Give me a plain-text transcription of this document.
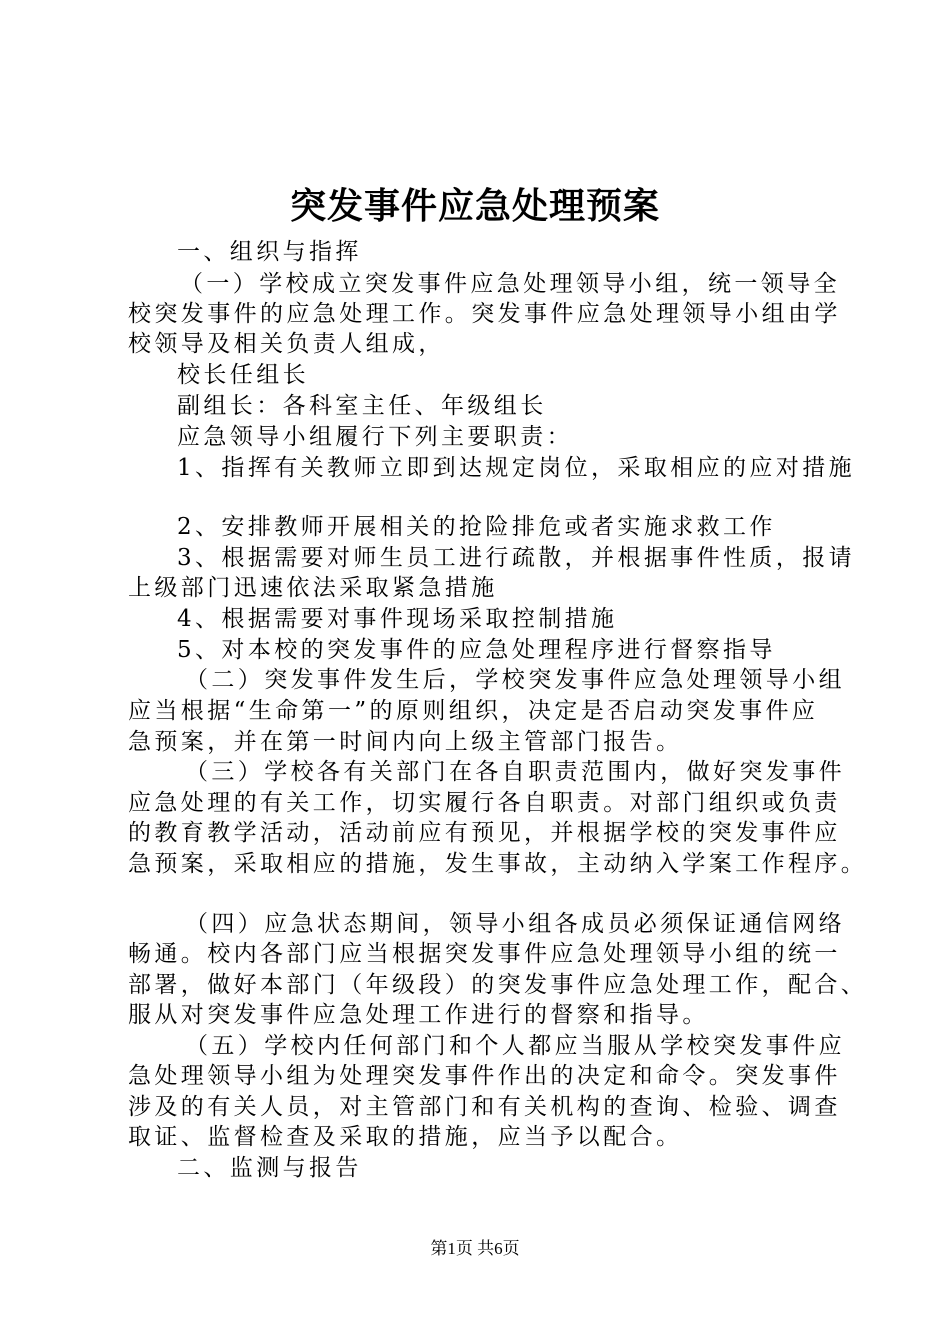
突发事件应急处理预案

一、组织与指挥

（一）学校成立突发事件应急处理领导小组，统一领导全

校突发事件的应急处理工作。突发事件应急处理领导小组由学

校领导及相关负责人组成，

校长任组长

副组长：各科室主任、年级组长

应急领导小组履行下列主要职责：

1、指挥有关教师立即到达规定岗位，采取相应的应对措施

2、安排教师开展相关的抢险排危或者实施求救工作

3、根据需要对师生员工进行疏散，并根据事件性质，报请

上级部门迅速依法采取紧急措施

4、根据需要对事件现场采取控制措施

5、对本校的突发事件的应急处理程序进行督察指导

（二）突发事件发生后，学校突发事件应急处理领导小组

应当根据“生命第一”的原则组织，决定是否启动突发事件应

急预案，并在第一时间内向上级主管部门报告。

（三）学校各有关部门在各自职责范围内，做好突发事件

应急处理的有关工作，切实履行各自职责。对部门组织或负责

的教育教学活动，活动前应有预见，并根据学校的突发事件应

急预案，采取相应的措施，发生事故，主动纳入学案工作程序。

（四）应急状态期间，领导小组各成员必须保证通信网络

畅通。校内各部门应当根据突发事件应急处理领导小组的统一

部署，做好本部门（年级段）的突发事件应急处理工作，配合、

服从对突发事件应急处理工作进行的督察和指导。

（五）学校内任何部门和个人都应当服从学校突发事件应

急处理领导小组为处理突发事件作出的决定和命令。突发事件

涉及的有关人员，对主管部门和有关机构的查询、检验、调查

取证、监督检查及采取的措施，应当予以配合。

二、监测与报告

第1页 共6页
